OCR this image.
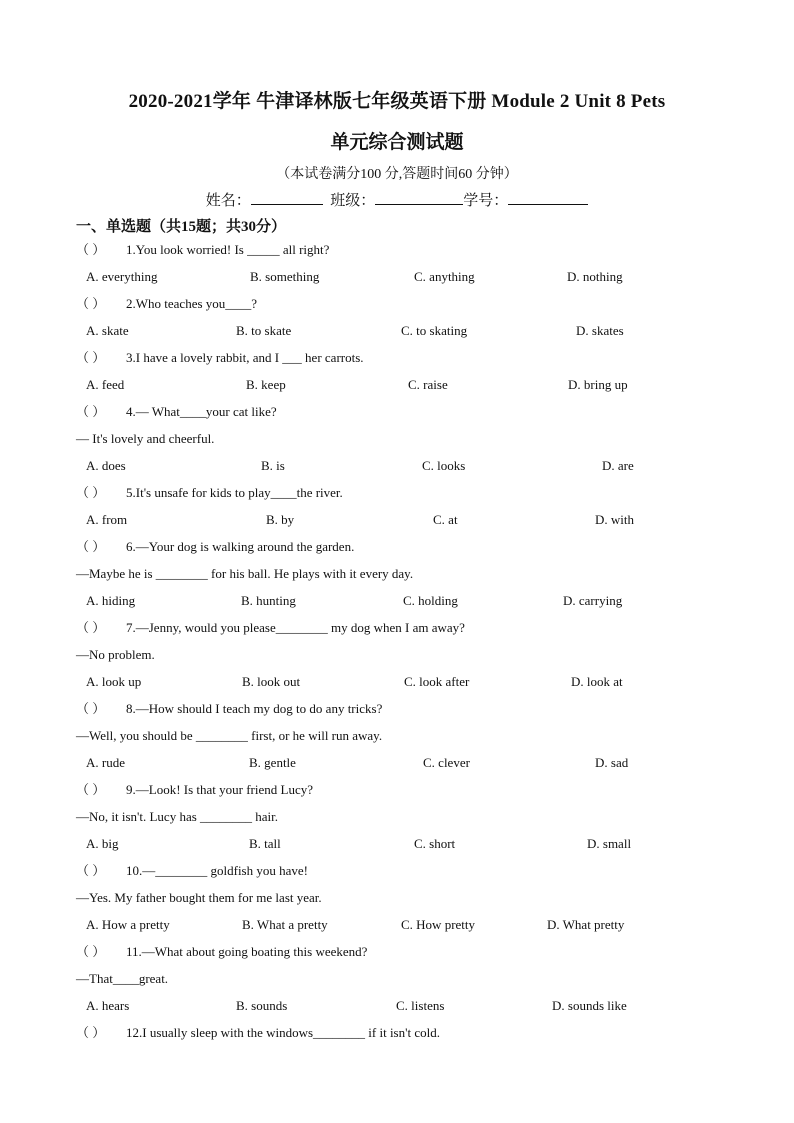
2020-2021学年 牛津译林版七年级英语下册 Module 2 Unit 8 Pets
单元综合测试题
（本试卷满分100 分,答题时间60 分钟）
姓名：	班级：	学号：
一、单选题（共15题；共30分）
（ ） 1.You look worried! Is _____ all right?
A. everything	B. something	C. anything	D. nothing
（ ） 2.Who teaches you____?
A. skate	B. to skate	C. to skating	D. skates
（ ） 3.I have a lovely rabbit, and I ___ her carrots.
A. feed	B. keep	C. raise	D. bring up
（ ） 4.— What____your cat like?
— It's lovely and cheerful.
A. does	B. is	C. looks	D. are
（ ） 5.It's unsafe for kids to play____the river.
A. from	B. by	C. at	D. with
（ ） 6.—Your dog is walking around the garden.
—Maybe he is ________ for his ball. He plays with it every day.
A. hiding	B. hunting	C. holding	D. carrying
（ ） 7.—Jenny, would you please________ my dog when I am away?
—No problem.
A. look up	B. look out	C. look after	D. look at
（ ） 8.—How should I teach my dog to do any tricks?
—Well, you should be ________ first, or he will run away.
A. rude	B. gentle	C. clever	D. sad
（ ） 9.—Look! Is that your friend Lucy?
—No, it isn't. Lucy has ________ hair.
A. big	B. tall	C. short	D. small
（ ） 10.—________ goldfish you have!
—Yes. My father bought them for me last year.
A. How a pretty	B. What a pretty	C. How pretty	D. What pretty
（ ） 11.—What about going boating this weekend?
—That____great.
A. hears	B. sounds	C. listens	D. sounds like
（ ） 12.I usually sleep with the windows________ if it isn't cold.
